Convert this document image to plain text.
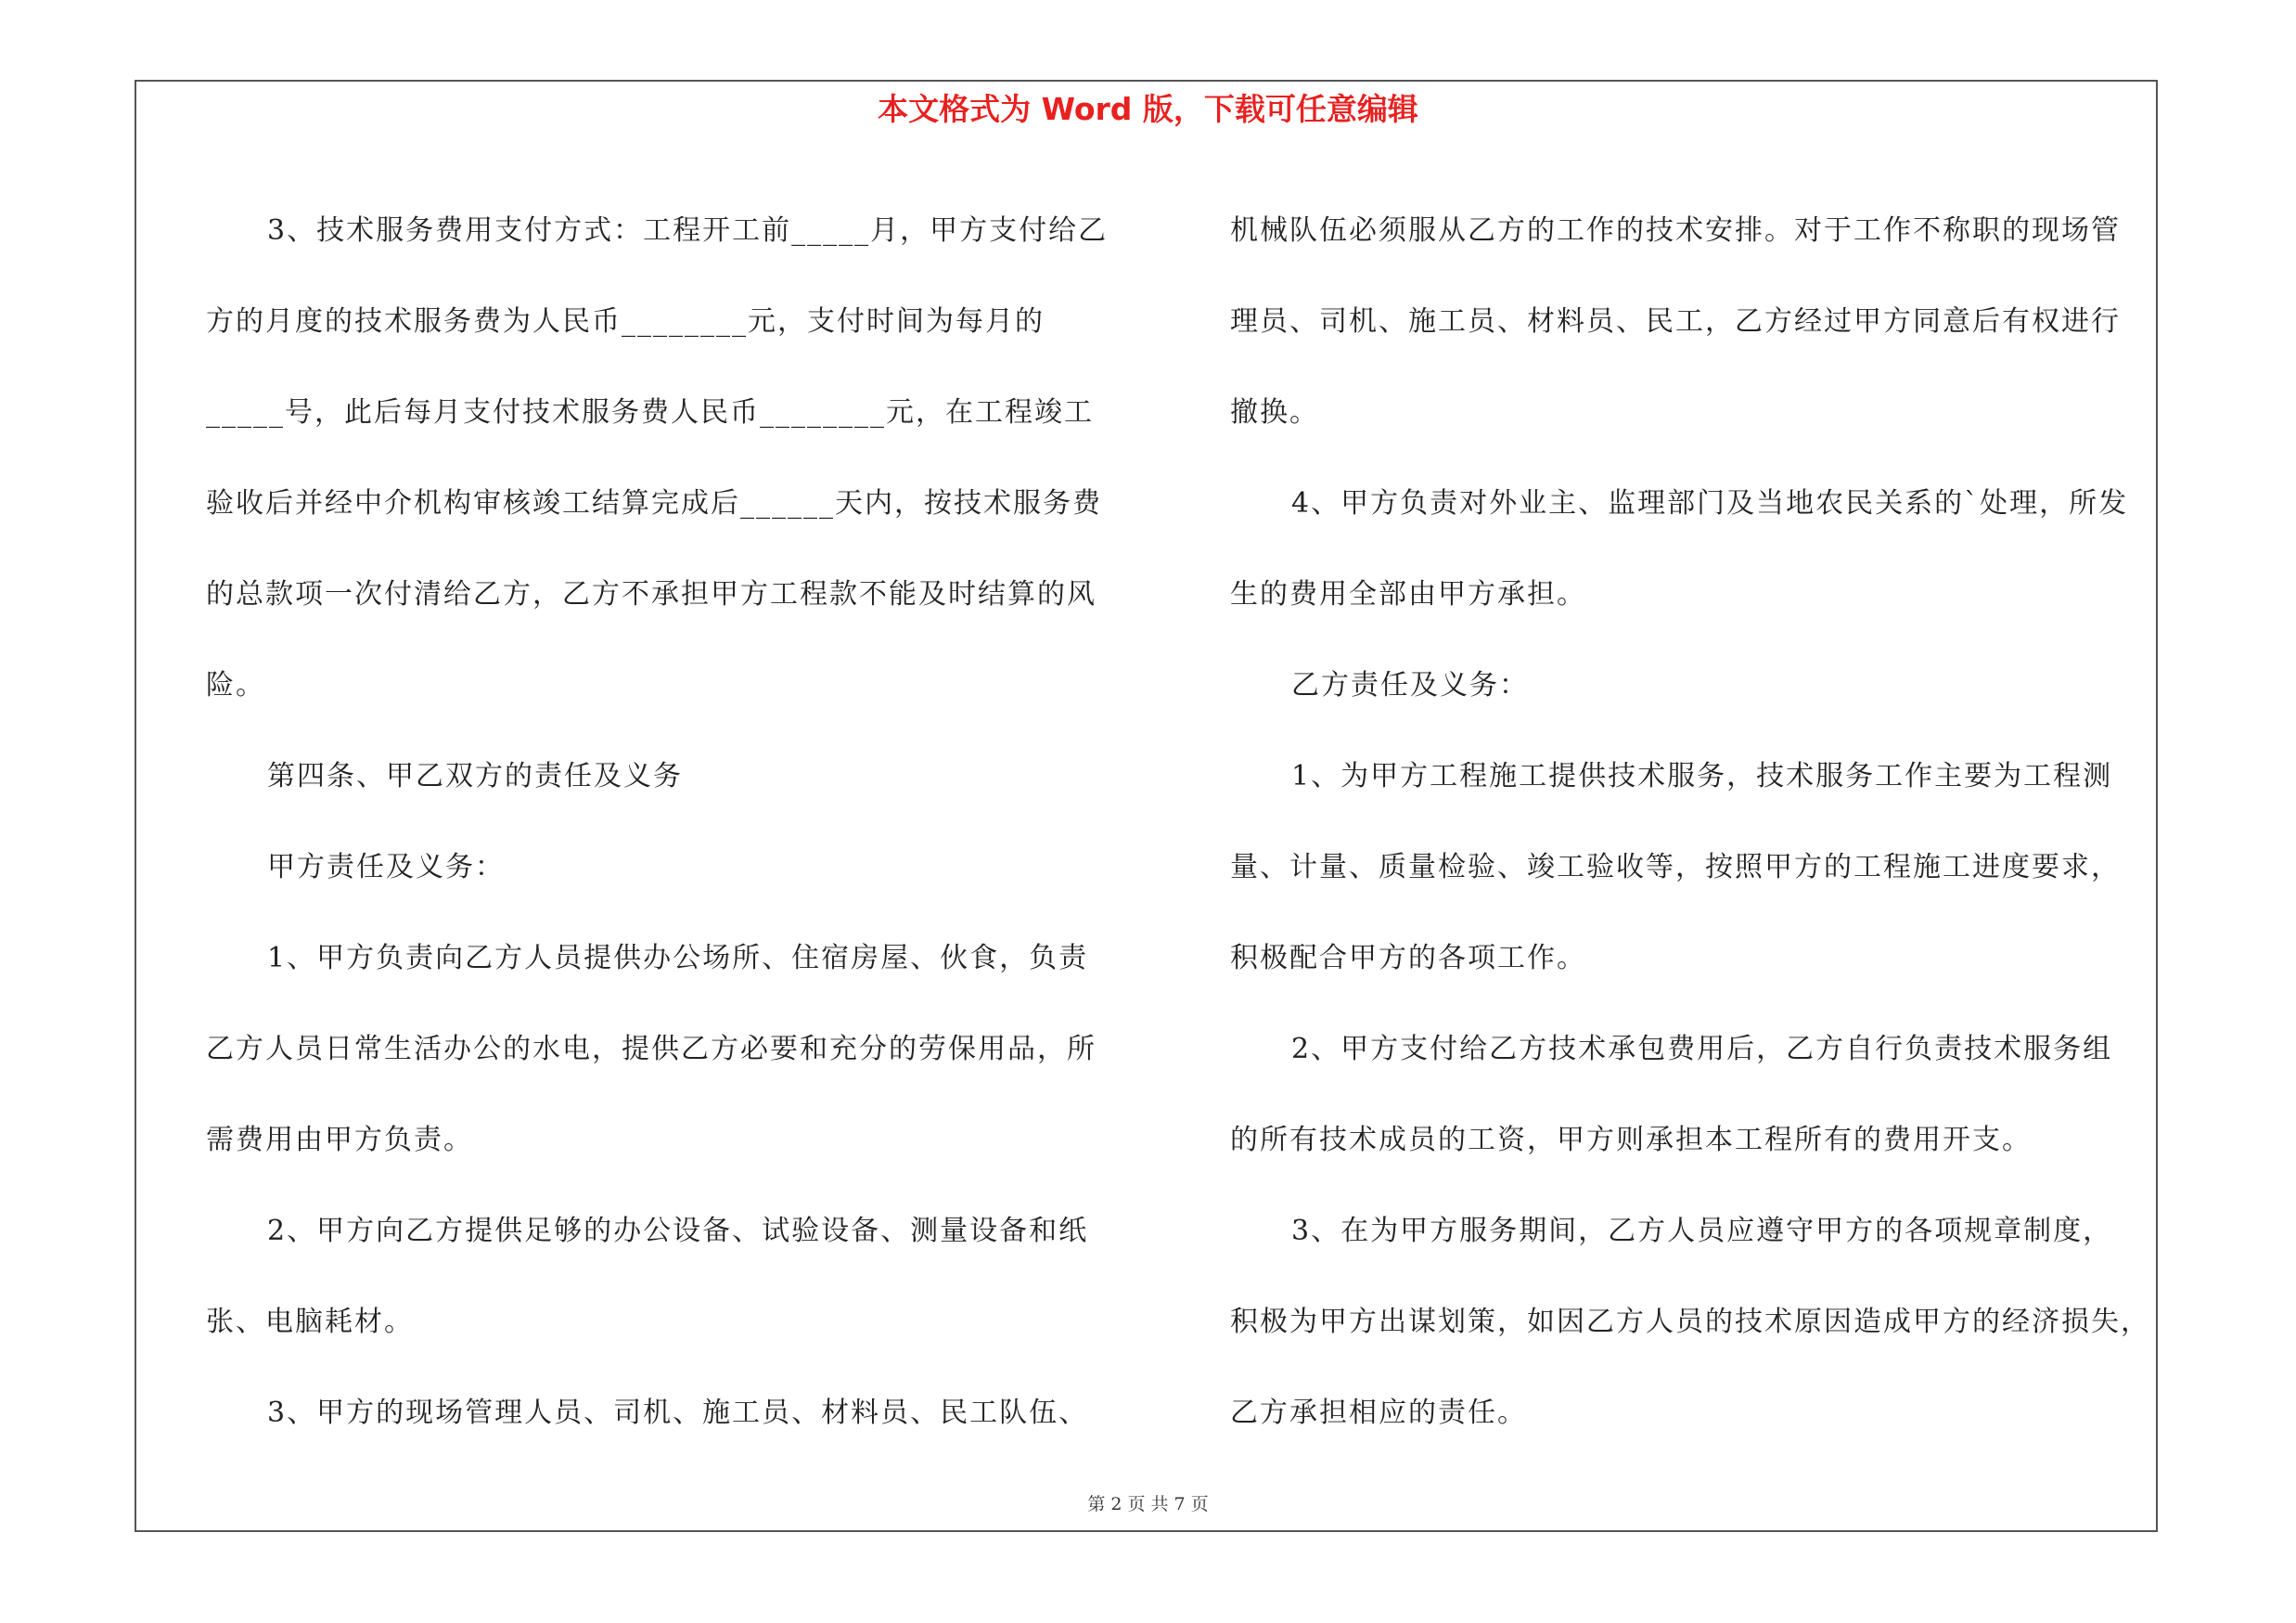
本文格式为 Word 版，下载可任意编辑
3、技术服务费用支付方式：工程开工前_____月，甲方支付给乙
方的月度的技术服务费为人民币________元，支付时间为每月的
_____号，此后每月支付技术服务费人民币________元，在工程竣工
验收后并经中介机构审核竣工结算完成后______天内，按技术服务费
的总款项一次付清给乙方，乙方不承担甲方工程款不能及时结算的风
险。
第四条、甲乙双方的责任及义务
甲方责任及义务：
1、甲方负责向乙方人员提供办公场所、住宿房屋、伙食，负责
乙方人员日常生活办公的水电，提供乙方必要和充分的劳保用品，所
需费用由甲方负责。
2、甲方向乙方提供足够的办公设备、试验设备、测量设备和纸
张、电脑耗材。
3、甲方的现场管理人员、司机、施工员、材料员、民工队伍、
机械队伍必须服从乙方的工作的技术安排。对于工作不称职的现场管
理员、司机、施工员、材料员、民工，乙方经过甲方同意后有权进行
撤换。
4、甲方负责对外业主、监理部门及当地农民关系的`处理，所发
生的费用全部由甲方承担。
乙方责任及义务：
1、为甲方工程施工提供技术服务，技术服务工作主要为工程测
量、计量、质量检验、竣工验收等，按照甲方的工程施工进度要求，
积极配合甲方的各项工作。
2、甲方支付给乙方技术承包费用后，乙方自行负责技术服务组
的所有技术成员的工资，甲方则承担本工程所有的费用开支。
3、在为甲方服务期间，乙方人员应遵守甲方的各项规章制度，
积极为甲方出谋划策，如因乙方人员的技术原因造成甲方的经济损失，
乙方承担相应的责任。
第 2 页 共 7 页
